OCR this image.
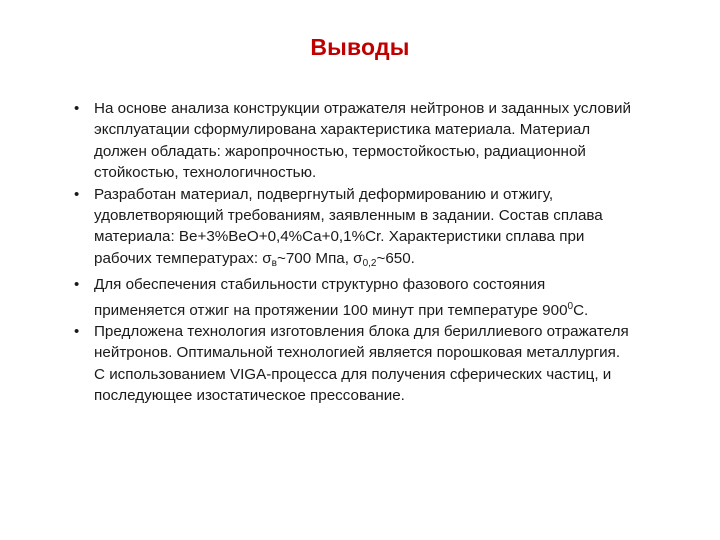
Выводы
• На основе анализа конструкции отражателя нейтронов и заданных условий эксплуатации сформулирована характеристика материала. Материал должен обладать: жаропрочностью, термостойкостью, радиационной стойкостью, технологичностью.
• Разработан материал, подвергнутый деформированию и отжигу, удовлетворяющий требованиям, заявленным в задании. Состав сплава материала: Be+3%BeO+0,4%Ca+0,1%Cr. Характеристики сплава при рабочих температурах: $\sigma_в\sim 700$ Мпа, $\sigma_{0,2}\sim 650$.
• Для обеспечения стабильности структурно фазового состояния применяется отжиг на протяжении 100 минут при температуре $900^0С$.
• Предложена технология изготовления блока для бериллиевого отражателя нейтронов. Оптимальной технологией является порошковая металлургия. С использованием VIGA-процесса для получения сферических частиц, и последующее изостатическое прессование.
